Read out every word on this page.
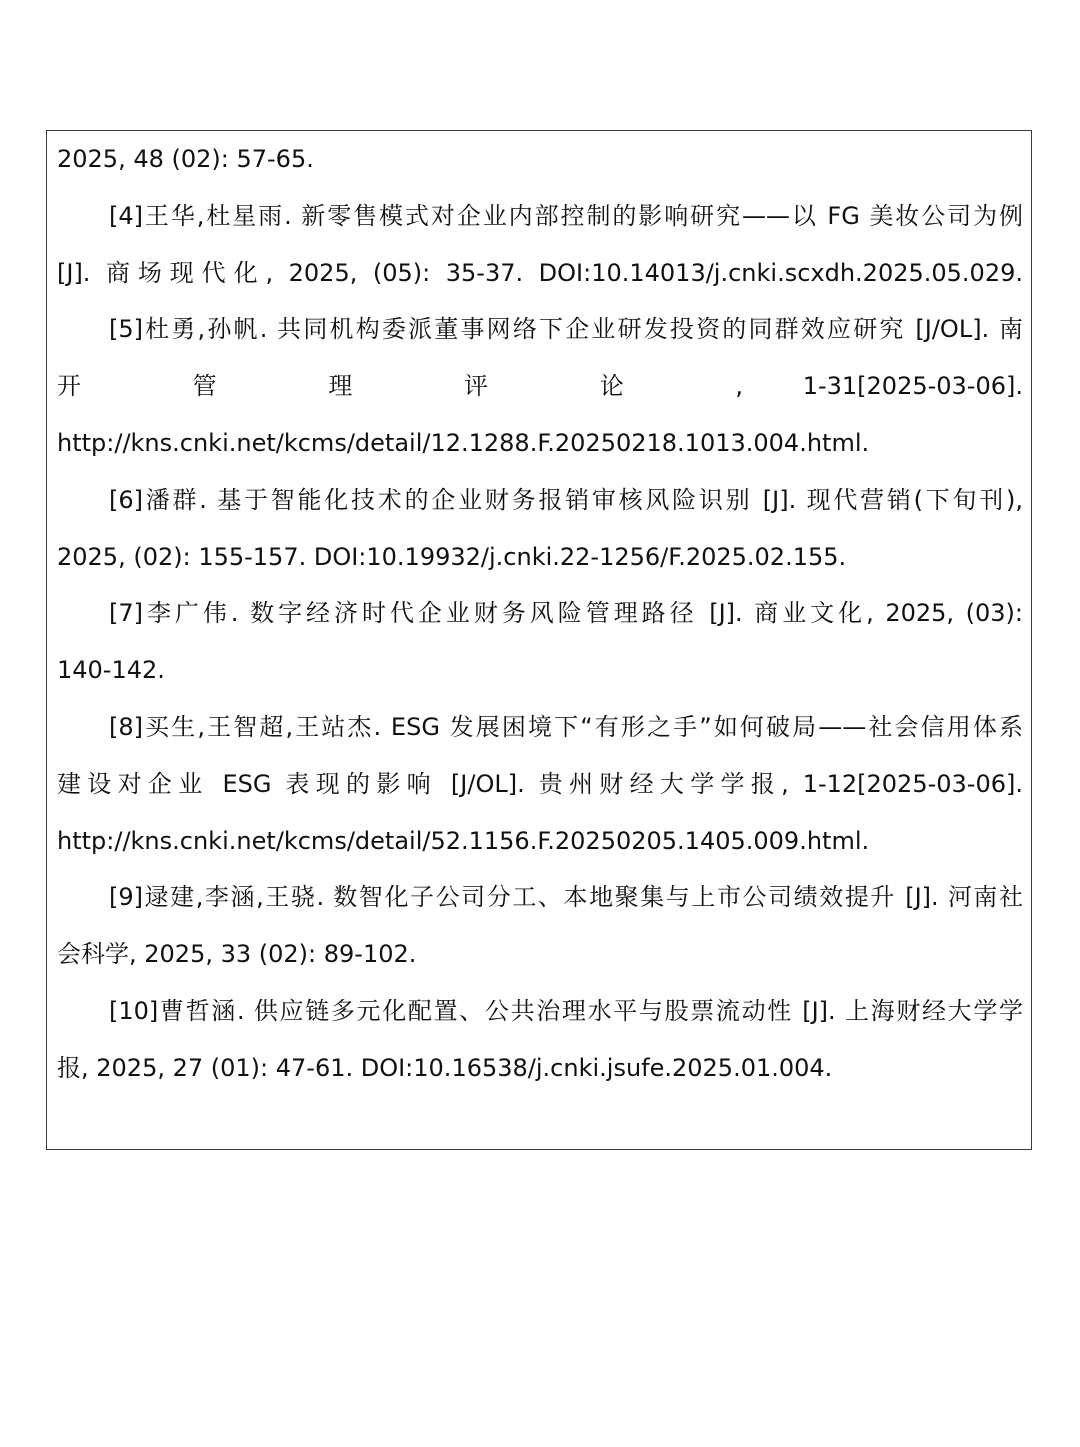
2025, 48 (02): 57-65.
[4]王华,杜星雨. 新零售模式对企业内部控制的影响研究——以 FG 美妆公司为例
[J]. 商场现代化, 2025, (05): 35-37. DOI:10.14013/j.cnki.scxdh.2025.05.029.
[5]杜勇,孙帆. 共同机构委派董事网络下企业研发投资的同群效应研究 [J/OL]. 南
开 管 理 评 论 , 1-31[2025-03-06].
http://kns.cnki.net/kcms/detail/12.1288.F.20250218.1013.004.html.
[6]潘群. 基于智能化技术的企业财务报销审核风险识别 [J]. 现代营销(下旬刊),
2025, (02): 155-157. DOI:10.19932/j.cnki.22-1256/F.2025.02.155.
[7]李广伟. 数字经济时代企业财务风险管理路径 [J]. 商业文化, 2025, (03):
140-142.
[8]买生,王智超,王站杰. ESG 发展困境下“有形之手”如何破局——社会信用体系
建设对企业 ESG 表现的影响 [J/OL]. 贵州财经大学学报, 1-12[2025-03-06].
http://kns.cnki.net/kcms/detail/52.1156.F.20250205.1405.009.html.
[9]逯建,李涵,王骁. 数智化子公司分工、本地聚集与上市公司绩效提升 [J]. 河南社
会科学, 2025, 33 (02): 89-102.
[10]曹哲涵. 供应链多元化配置、公共治理水平与股票流动性 [J]. 上海财经大学学
报, 2025, 27 (01): 47-61. DOI:10.16538/j.cnki.jsufe.2025.01.004.
